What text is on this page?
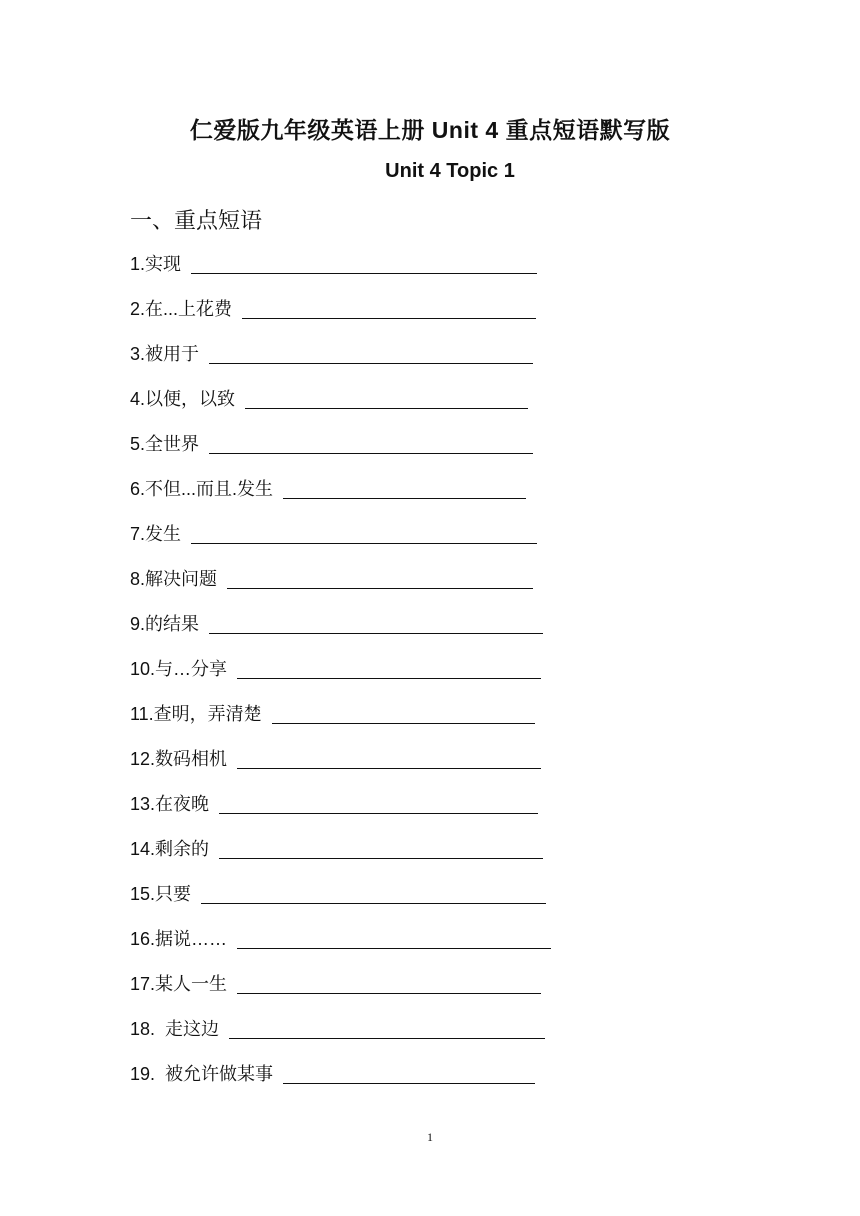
仁爱版九年级英语上册 Unit 4 重点短语默写版
Unit 4 Topic 1
一、重点短语
1.实现
2.在...上花费
3.被用于
4.以便，以致
5.全世界
6.不但...而且.发生
7.发生
8.解决问题
9.的结果
10.与…分享
11.查明，弄清楚
12.数码相机
13.在夜晚
14.剩余的
15.只要
16.据说……
17.某人一生
18.  走这边
19.  被允许做某事
1
